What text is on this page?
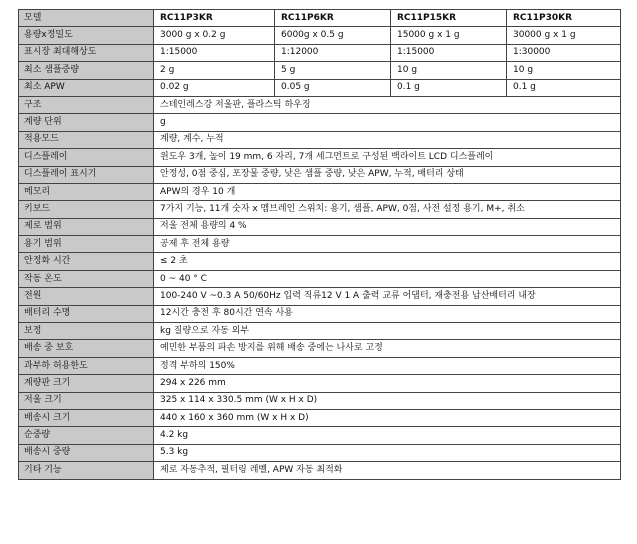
모델	RC11P3KR	RC11P6KR	RC11P15KR	RC11P30KR
용량x정밀도	3000 g x 0.2 g	6000g x 0.5 g	15000 g x 1 g	30000 g x 1 g
표시장 최대해상도	1:15000	1:12000	1:15000	1:30000
최소 샘플중량	2 g	5 g	10 g	10 g
최소 APW	0.02 g	0.05 g	0.1 g	0.1 g
구조	스테인레스강 저울판, 플라스틱 하우징			
계량 단위	g			
적용모드	계량, 계수, 누적			
디스플레이	윈도우 3개, 높이 19 mm, 6 자리, 7개 세그먼트로 구성된 백라이트 LCD 디스플레이			
디스플레이 표시기	안정성, 0점 중심, 포장물 중량, 낮은 샘플 중량, 낮은 APW, 누적, 배터리 상태			
메모리	APW의 경우 10 개			
키보드	7가지 기능, 11개 숫자 x 멤브레인 스위치: 용기, 샘플, APW, 0점, 사전 설정 용기, M+, 취소			
제로 범위	저울 전체 용량의 4 %			
용기 범위	공제 후 전체 용량			
안정화 시간	≤ 2 초			
작동 온도	0 ~ 40 ° C			
전원	100-240 V ~0.3 A 50/60Hz 입력 직류12 V 1 A 출력 교류 어댑터, 재충전용 납산배터리 내장			
배터리 수명	12시간 충전 후 80시간 연속 사용			
보정	kg 질량으로 자동 외부			
배송 중 보호	예민한 부품의 파손 방지를 위해 배송 중에는 나사로 고정			
과부하 허용한도	정격 부하의 150%			
계량판 크기	294 x 226 mm			
저울 크기	325 x 114 x 330.5 mm (W x H x D)			
배송시 크기	440 x 160 x 360 mm (W x H x D)			
순중량	4.2 kg			
배송시 중량	5.3 kg			
기타 기능	제로 자동추적, 필터링 레벨, APW 자동 최적화			
